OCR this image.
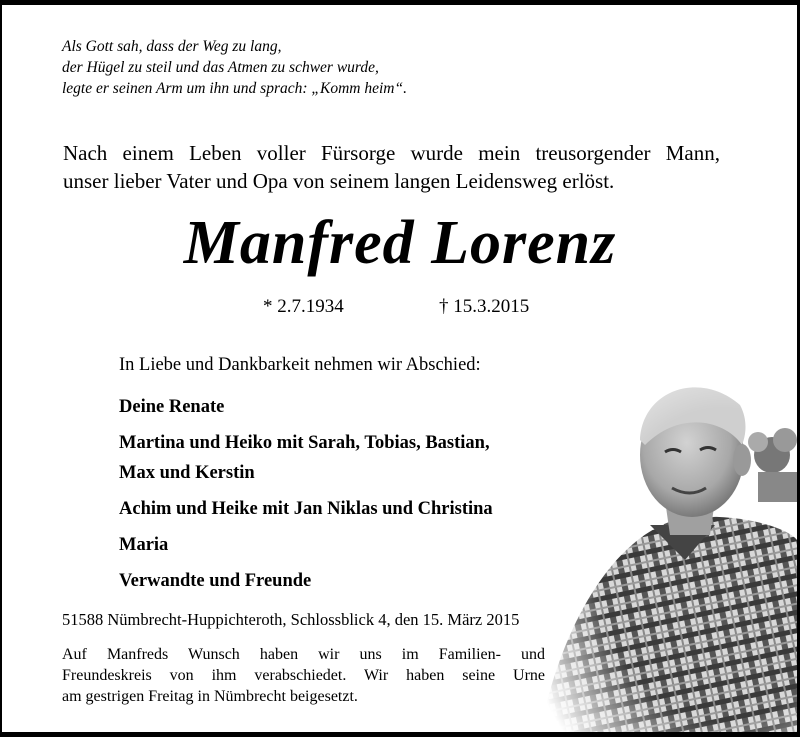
Als Gott sah, dass der Weg zu lang,
der Hügel zu steil und das Atmen zu schwer wurde,
legte er seinen Arm um ihn und sprach: „Komm heim“.
Nach einem Leben voller Fürsorge wurde mein treusorgender Mann,
unser lieber Vater und Opa von seinem langen Leidensweg erlöst.
Manfred Lorenz
* 2.7.1934	† 15.3.2015
In Liebe und Dankbarkeit nehmen wir Abschied:
Deine Renate
Martina und Heiko mit Sarah, Tobias, Bastian,
Max und Kerstin
Achim und Heike mit Jan Niklas und Christina
Maria
Verwandte und Freunde
51588 Nümbrecht-Huppichteroth, Schlossblick 4, den 15. März 2015
Auf Manfreds Wunsch haben wir uns im Familien- und
Freundeskreis von ihm verabschiedet. Wir haben seine Urne
am gestrigen Freitag in Nümbrecht beigesetzt.
